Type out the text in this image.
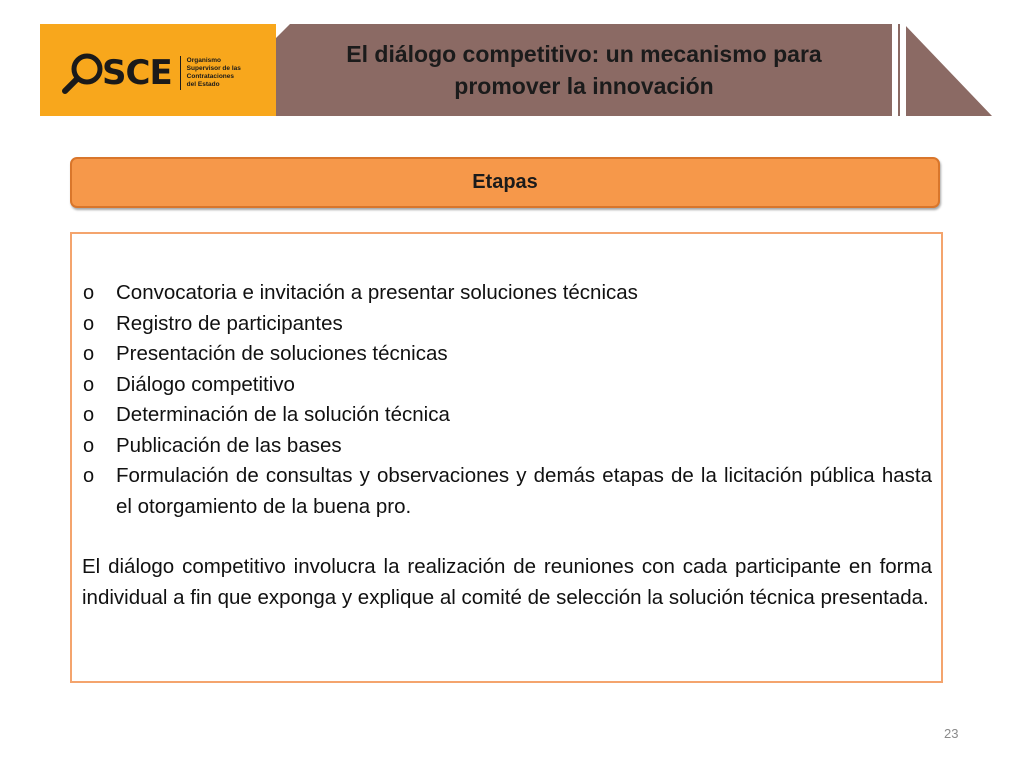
SCE Organismo
Supervisor de las
Contrataciones
del Estado
El diálogo competitivo: un mecanismo para
promover la innovación
Etapas
o	Convocatoria e invitación a presentar soluciones técnicas
o	Registro de participantes
o	Presentación de soluciones técnicas
o	Diálogo competitivo
o	Determinación de la solución técnica
o	Publicación de las bases
o	Formulación de consultas y observaciones y demás etapas de la licitación pública hasta el otorgamiento de la buena pro.

El diálogo competitivo involucra la realización de reuniones con cada participante en forma individual a fin que exponga y explique al comité de selección la solución técnica presentada.

23
